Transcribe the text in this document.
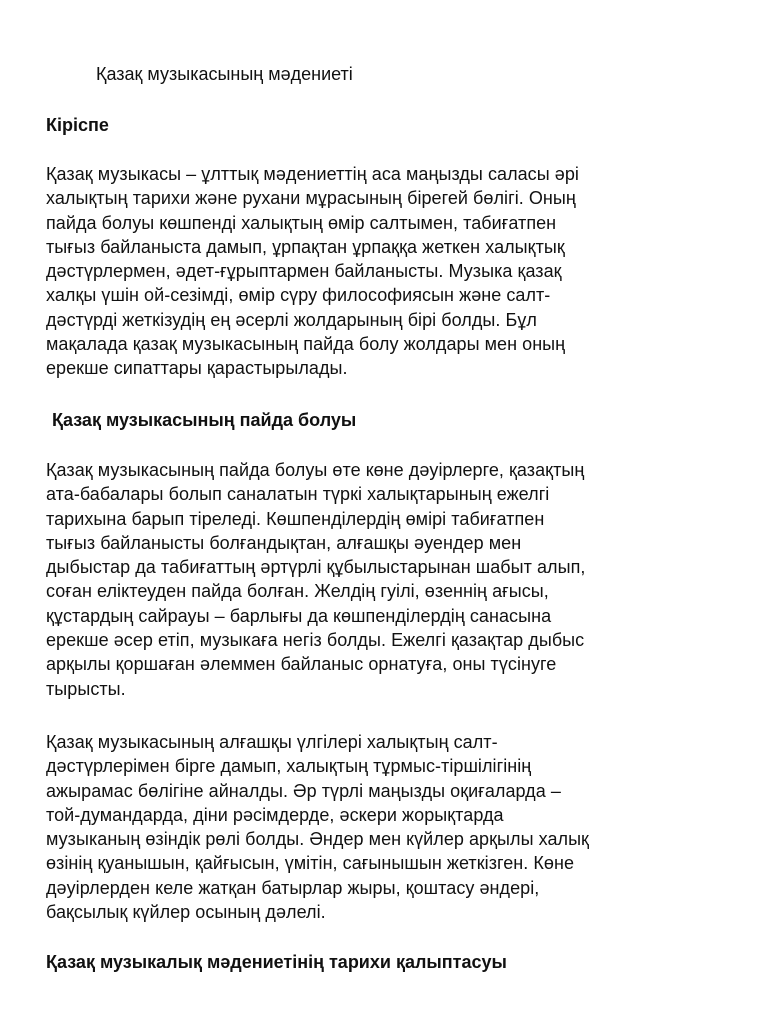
Қазақ музыкасының мәдениеті
Кіріспе

Қазақ музыкасы – ұлттық мәдениеттің аса маңызды саласы әрі
халықтың тарихи және рухани мұрасының бірегей бөлігі. Оның
пайда болуы көшпенді халықтың өмір салтымен, табиғатпен
тығыз байланыста дамып, ұрпақтан ұрпаққа жеткен халықтық
дәстүрлермен, әдет-ғұрыптармен байланысты. Музыка қазақ
халқы үшін ой-сезімді, өмір сүру философиясын және салт-
дәстүрді жеткізудің ең әсерлі жолдарының бірі болды. Бұл
мақалада қазақ музыкасының пайда болу жолдары мен оның
ерекше сипаттары қарастырылады.

Қазақ музыкасының пайда болуы

Қазақ музыкасының пайда болуы өте көне дәуірлерге, қазақтың
ата-бабалары болып саналатын түркі халықтарының ежелгі
тарихына барып тіреледі. Көшпенділердің өмірі табиғатпен
тығыз байланысты болғандықтан, алғашқы әуендер мен
дыбыстар да табиғаттың әртүрлі құбылыстарынан шабыт алып,
соған еліктеуден пайда болған. Желдің гуілі, өзеннің ағысы,
құстардың сайрауы – барлығы да көшпенділердің санасына
ерекше әсер етіп, музыкаға негіз болды. Ежелгі қазақтар дыбыс
арқылы қоршаған әлеммен байланыс орнатуға, оны түсінуге
тырысты.

Қазақ музыкасының алғашқы үлгілері халықтың салт-
дәстүрлерімен бірге дамып, халықтың тұрмыс-тіршілігінің
ажырамас бөлігіне айналды. Әр түрлі маңызды оқиғаларда –
той-думандарда, діни рәсімдерде, әскери жорықтарда
музыканың өзіндік рөлі болды. Әндер мен күйлер арқылы халық
өзінің қуанышын, қайғысын, үмітін, сағынышын жеткізген. Көне
дәуірлерден келе жатқан батырлар жыры, қоштасу әндері,
бақсылық күйлер осының дәлелі.

Қазақ музыкалық мәдениетінің тарихи қалыптасуы
